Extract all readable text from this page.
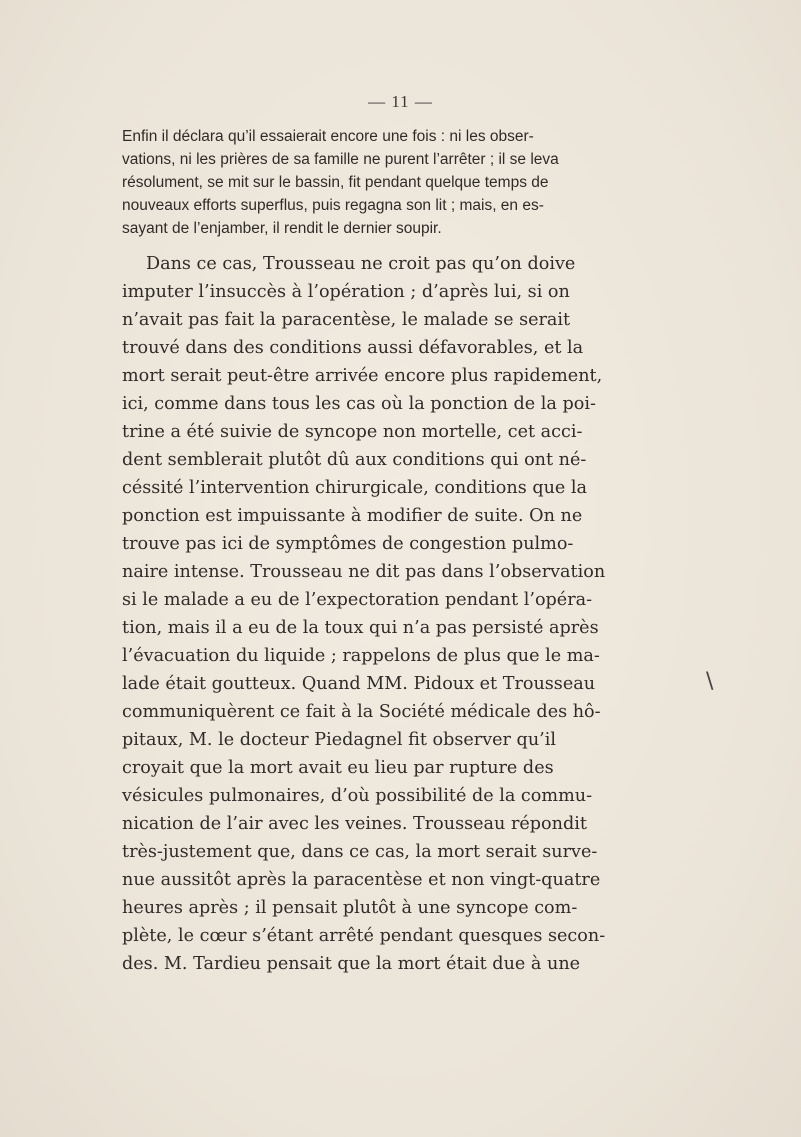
— 11 —
Enfin il déclara qu’il essaierait encore une fois : ni les obser-
vations, ni les prières de sa famille ne purent l’arrêter ; il se leva
résolument, se mit sur le bassin, fit pendant quelque temps de
nouveaux efforts superflus, puis regagna son lit ; mais, en es-
sayant de l’enjamber, il rendit le dernier soupir.
Dans ce cas, Trousseau ne croit pas qu’on doive
imputer l’insuccès à l’opération ; d’après lui, si on
n’avait pas fait la paracentèse, le malade se serait
trouvé dans des conditions aussi défavorables, et la
mort serait peut-être arrivée encore plus rapidement,
ici, comme dans tous les cas où la ponction de la poi-
trine a été suivie de syncope non mortelle, cet acci-
dent semblerait plutôt dû aux conditions qui ont né-
céssité l’intervention chirurgicale, conditions que la
ponction est impuissante à modifier de suite. On ne
trouve pas ici de symptômes de congestion pulmo-
naire intense. Trousseau ne dit pas dans l’observation
si le malade a eu de l’expectoration pendant l’opéra-
tion, mais il a eu de la toux qui n’a pas persisté après
l’évacuation du liquide ; rappelons de plus que le ma-
lade était goutteux. Quand MM. Pidoux et Trousseau
communiquèrent ce fait à la Société médicale des hô-
pitaux, M. le docteur Piedagnel fit observer qu’il
croyait que la mort avait eu lieu par rupture des
vésicules pulmonaires, d’où possibilité de la commu-
nication de l’air avec les veines. Trousseau répondit
très-justement que, dans ce cas, la mort serait surve-
nue aussitôt après la paracentèse et non vingt-quatre
heures après ; il pensait plutôt à une syncope com-
plète, le cœur s’étant arrêté pendant quesques secon-
des. M. Tardieu pensait que la mort était due à une
\
